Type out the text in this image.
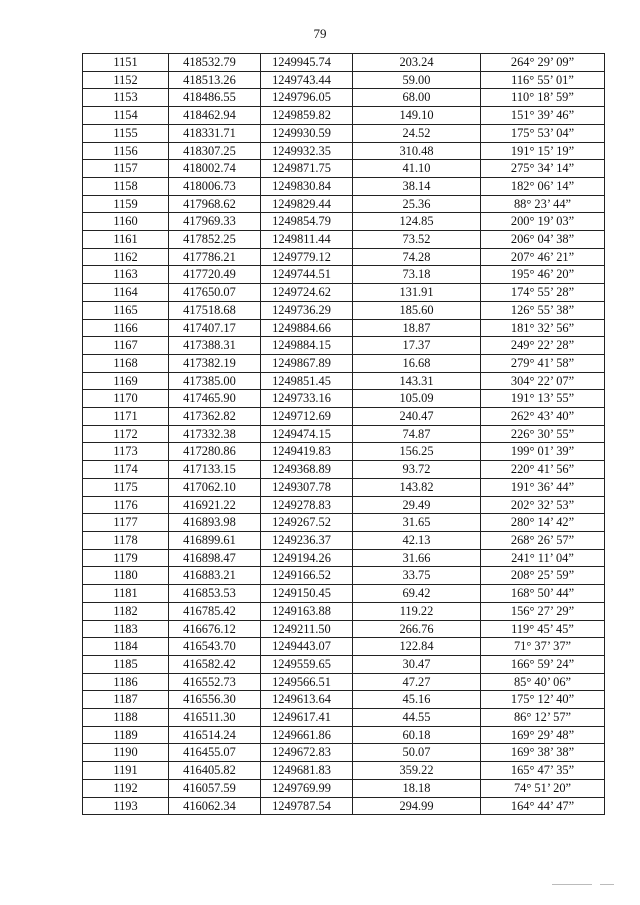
79
1151	418532.79	1249945.74	203.24	264° 29’ 09”
1152	418513.26	1249743.44	59.00	116° 55’ 01”
1153	418486.55	1249796.05	68.00	110° 18’ 59”
1154	418462.94	1249859.82	149.10	151° 39’ 46”
1155	418331.71	1249930.59	24.52	175° 53’ 04”
1156	418307.25	1249932.35	310.48	191° 15’ 19”
1157	418002.74	1249871.75	41.10	275° 34’ 14”
1158	418006.73	1249830.84	38.14	182° 06’ 14”
1159	417968.62	1249829.44	25.36	88° 23’ 44”
1160	417969.33	1249854.79	124.85	200° 19’ 03”
1161	417852.25	1249811.44	73.52	206° 04’ 38”
1162	417786.21	1249779.12	74.28	207° 46’ 21”
1163	417720.49	1249744.51	73.18	195° 46’ 20”
1164	417650.07	1249724.62	131.91	174° 55’ 28”
1165	417518.68	1249736.29	185.60	126° 55’ 38”
1166	417407.17	1249884.66	18.87	181° 32’ 56”
1167	417388.31	1249884.15	17.37	249° 22’ 28”
1168	417382.19	1249867.89	16.68	279° 41’ 58”
1169	417385.00	1249851.45	143.31	304° 22’ 07”
1170	417465.90	1249733.16	105.09	191° 13’ 55”
1171	417362.82	1249712.69	240.47	262° 43’ 40”
1172	417332.38	1249474.15	74.87	226° 30’ 55”
1173	417280.86	1249419.83	156.25	199° 01’ 39”
1174	417133.15	1249368.89	93.72	220° 41’ 56”
1175	417062.10	1249307.78	143.82	191° 36’ 44”
1176	416921.22	1249278.83	29.49	202° 32’ 53”
1177	416893.98	1249267.52	31.65	280° 14’ 42”
1178	416899.61	1249236.37	42.13	268° 26’ 57”
1179	416898.47	1249194.26	31.66	241° 11’ 04”
1180	416883.21	1249166.52	33.75	208° 25’ 59”
1181	416853.53	1249150.45	69.42	168° 50’ 44”
1182	416785.42	1249163.88	119.22	156° 27’ 29”
1183	416676.12	1249211.50	266.76	119° 45’ 45”
1184	416543.70	1249443.07	122.84	71° 37’ 37”
1185	416582.42	1249559.65	30.47	166° 59’ 24”
1186	416552.73	1249566.51	47.27	85° 40’ 06”
1187	416556.30	1249613.64	45.16	175° 12’ 40”
1188	416511.30	1249617.41	44.55	86° 12’ 57”
1189	416514.24	1249661.86	60.18	169° 29’ 48”
1190	416455.07	1249672.83	50.07	169° 38’ 38”
1191	416405.82	1249681.83	359.22	165° 47’ 35”
1192	416057.59	1249769.99	18.18	74° 51’ 20”
1193	416062.34	1249787.54	294.99	164° 44’ 47”
